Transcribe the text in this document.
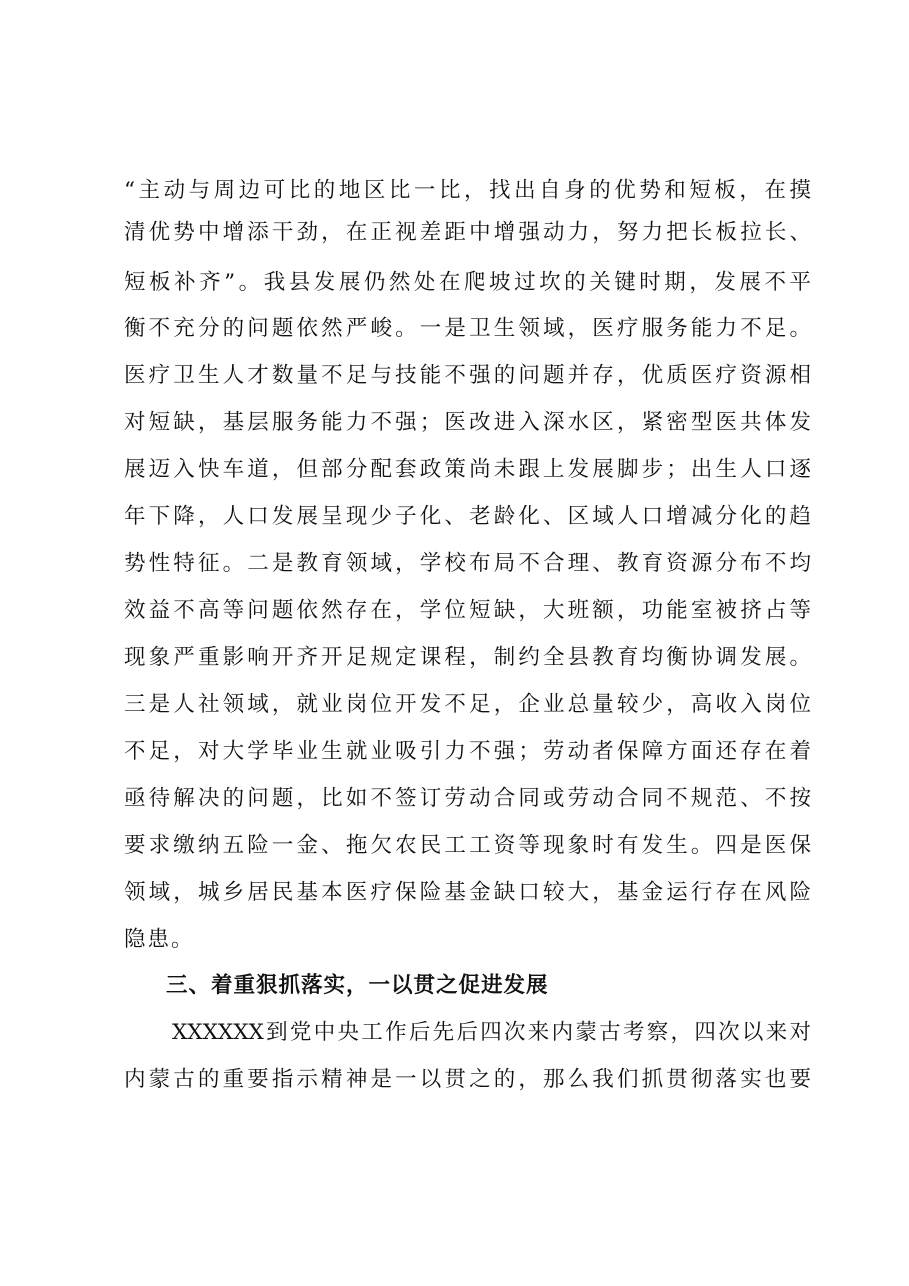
“主动与周边可比的地区比一比，找出自身的优势和短板，在摸
清优势中增添干劲，在正视差距中增强动力，努力把长板拉长、
短板补齐”。我县发展仍然处在爬坡过坎的关键时期，发展不平
衡不充分的问题依然严峻。一是卫生领域，医疗服务能力不足。
医疗卫生人才数量不足与技能不强的问题并存，优质医疗资源相
对短缺，基层服务能力不强；医改进入深水区，紧密型医共体发
展迈入快车道，但部分配套政策尚未跟上发展脚步；出生人口逐
年下降，人口发展呈现少子化、老龄化、区域人口增减分化的趋
势性特征。二是教育领域，学校布局不合理、教育资源分布不均
效益不高等问题依然存在，学位短缺，大班额，功能室被挤占等
现象严重影响开齐开足规定课程，制约全县教育均衡协调发展。
三是人社领域，就业岗位开发不足，企业总量较少，高收入岗位
不足，对大学毕业生就业吸引力不强；劳动者保障方面还存在着
亟待解决的问题，比如不签订劳动合同或劳动合同不规范、不按
要求缴纳五险一金、拖欠农民工工资等现象时有发生。四是医保
领域，城乡居民基本医疗保险基金缺口较大，基金运行存在风险
隐患。
三、着重狠抓落实，一以贯之促进发展
XXXXXX到党中央工作后先后四次来内蒙古考察，四次以来对
内蒙古的重要指示精神是一以贯之的，那么我们抓贯彻落实也要
